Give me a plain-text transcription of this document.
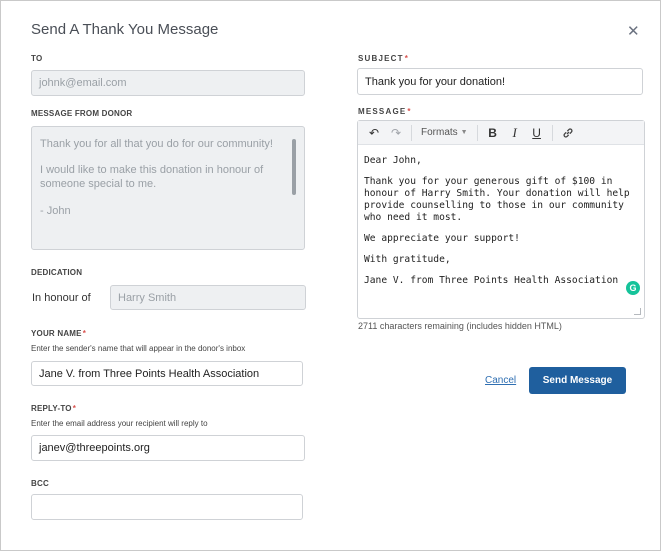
Send A Thank You Message	✕
TO
johnk@email.com
MESSAGE FROM DONOR

Thank you for all that you do for our community!

I would like to make this donation in honour of someone special to me.

- John

DEDICATION
In honour of Harry Smith
YOUR NAME*
Enter the sender's name that will appear in the donor's inbox
Jane V. from Three Points Health Association
REPLY-TO*
Enter the email address your recipient will reply to
janev@threepoints.org
BCC
SUBJECT*
Thank you for your donation!
MESSAGE*
↶ ↷	Formats ▼	B	I	U

Dear John,

Thank you for your generous gift of $100 in honour of Harry Smith. Your donation will help provide counselling to those in our community who need it most.

We appreciate your support!

With gratitude,

Jane V. from Three Points Health Association

G
2711 characters remaining (includes hidden HTML)
Cancel	Send Message
